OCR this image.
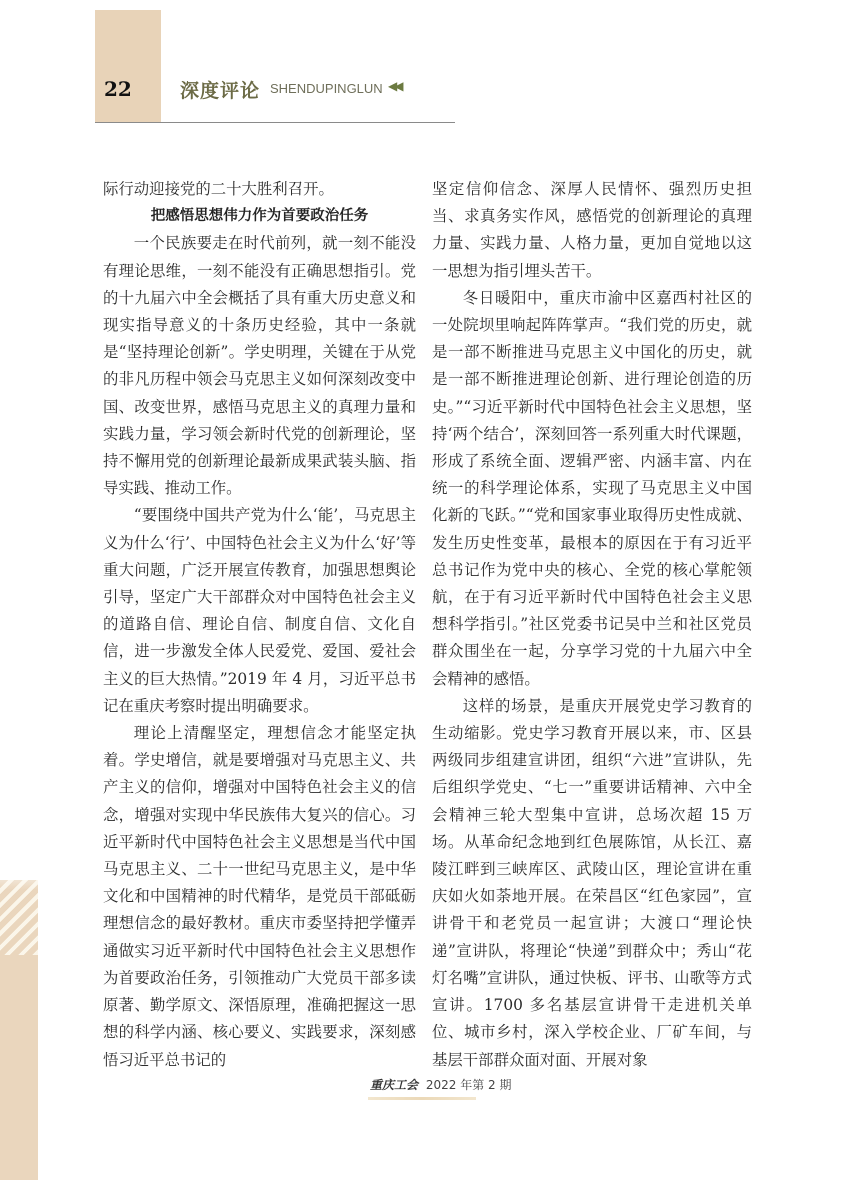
22	深度评论 SHENDUPINGLUN ◀◀

际行动迎接党的二十大胜利召开。

把感悟思想伟力作为首要政治任务

一个民族要走在时代前列，就一刻不能没有理论思维，一刻不能没有正确思想指引。党的十九届六中全会概括了具有重大历史意义和现实指导意义的十条历史经验，其中一条就是“坚持理论创新”。学史明理，关键在于从党的非凡历程中领会马克思主义如何深刻改变中国、改变世界，感悟马克思主义的真理力量和实践力量，学习领会新时代党的创新理论，坚持不懈用党的创新理论最新成果武装头脑、指导实践、推动工作。

“要围绕中国共产党为什么‘能’，马克思主义为什么‘行’、中国特色社会主义为什么‘好’等重大问题，广泛开展宣传教育，加强思想舆论引导，坚定广大干部群众对中国特色社会主义的道路自信、理论自信、制度自信、文化自信，进一步激发全体人民爱党、爱国、爱社会主义的巨大热情。”2019 年 4 月，习近平总书记在重庆考察时提出明确要求。

理论上清醒坚定，理想信念才能坚定执着。学史增信，就是要增强对马克思主义、共产主义的信仰，增强对中国特色社会主义的信念，增强对实现中华民族伟大复兴的信心。习近平新时代中国特色社会主义思想是当代中国马克思主义、二十一世纪马克思主义，是中华文化和中国精神的时代精华，是党员干部砥砺理想信念的最好教材。重庆市委坚持把学懂弄通做实习近平新时代中国特色社会主义思想作为首要政治任务，引领推动广大党员干部多读原著、勤学原文、深悟原理，准确把握这一思想的科学内涵、核心要义、实践要求，深刻感悟习近平总书记的

坚定信仰信念、深厚人民情怀、强烈历史担当、求真务实作风，感悟党的创新理论的真理力量、实践力量、人格力量，更加自觉地以这一思想为指引埋头苦干。

冬日暖阳中，重庆市渝中区嘉西村社区的一处院坝里响起阵阵掌声。“我们党的历史，就是一部不断推进马克思主义中国化的历史，就是一部不断推进理论创新、进行理论创造的历史。”“习近平新时代中国特色社会主义思想，坚持‘两个结合’，深刻回答一系列重大时代课题，形成了系统全面、逻辑严密、内涵丰富、内在统一的科学理论体系，实现了马克思主义中国化新的飞跃。”“党和国家事业取得历史性成就、发生历史性变革，最根本的原因在于有习近平总书记作为党中央的核心、全党的核心掌舵领航，在于有习近平新时代中国特色社会主义思想科学指引。”社区党委书记吴中兰和社区党员群众围坐在一起，分享学习党的十九届六中全会精神的感悟。

这样的场景，是重庆开展党史学习教育的生动缩影。党史学习教育开展以来，市、区县两级同步组建宣讲团，组织“六进”宣讲队，先后组织学党史、“七一”重要讲话精神、六中全会精神三轮大型集中宣讲，总场次超 15 万场。从革命纪念地到红色展陈馆，从长江、嘉陵江畔到三峡库区、武陵山区，理论宣讲在重庆如火如荼地开展。在荣昌区“红色家园”，宣讲骨干和老党员一起宣讲；大渡口“理论快递”宣讲队，将理论“快递”到群众中；秀山“花灯名嘴”宣讲队，通过快板、评书、山歌等方式宣讲。1700 多名基层宣讲骨干走进机关单位、城市乡村，深入学校企业、厂矿车间，与基层干部群众面对面、开展对象

重庆工会 2022 年第 2 期
